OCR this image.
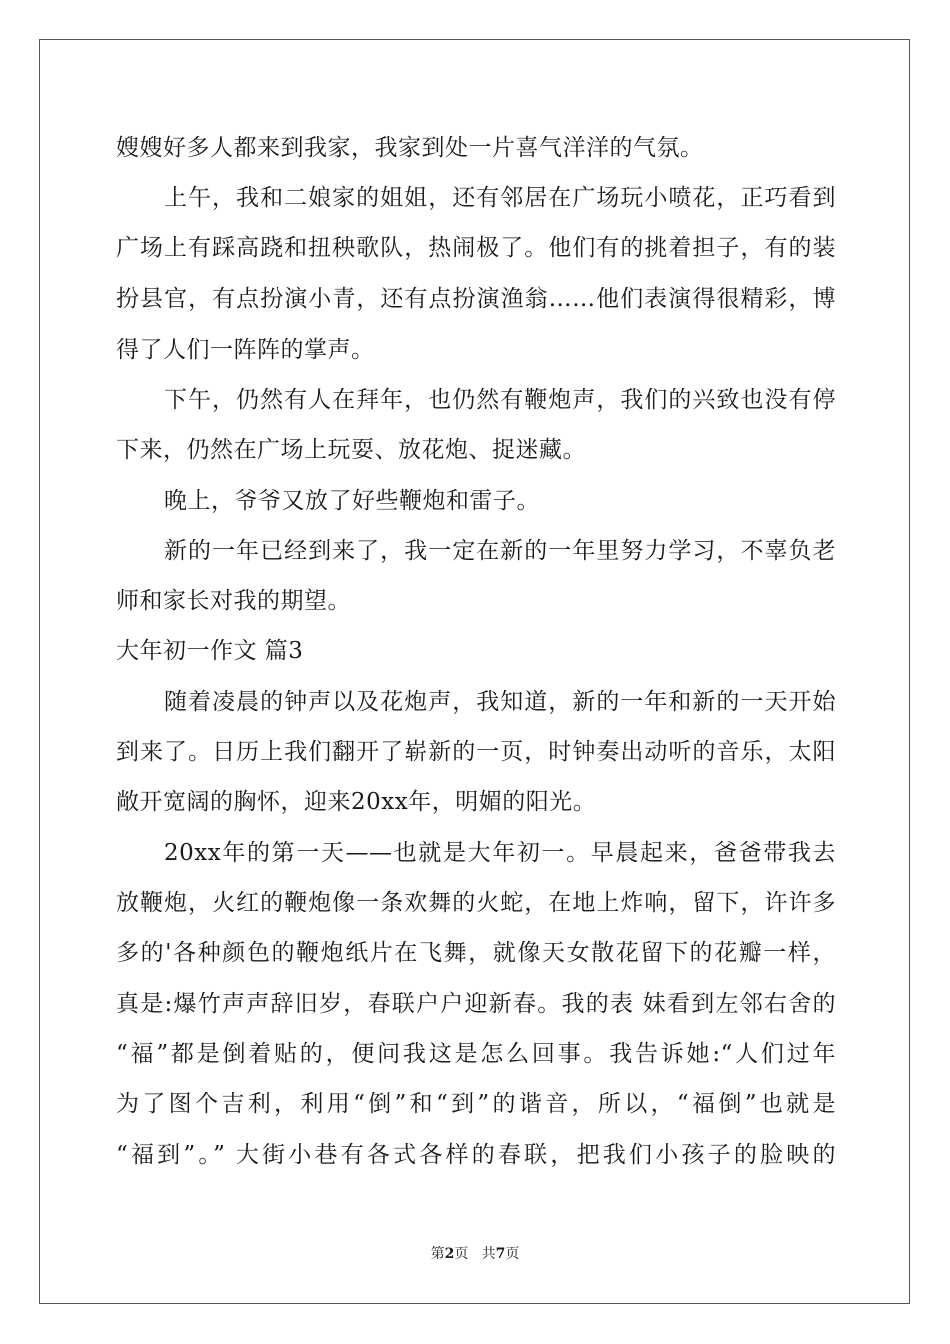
嫂嫂好多人都来到我家，我家到处一片喜气洋洋的气氛。
上午，我和二娘家的姐姐，还有邻居在广场玩小喷花，正巧看到
广场上有踩高跷和扭秧歌队，热闹极了。他们有的挑着担子，有的装
扮县官，有点扮演小青，还有点扮演渔翁……他们表演得很精彩，博
得了人们一阵阵的掌声。
下午，仍然有人在拜年，也仍然有鞭炮声，我们的兴致也没有停
下来，仍然在广场上玩耍、放花炮、捉迷藏。
晚上，爷爷又放了好些鞭炮和雷子。
新的一年已经到来了，我一定在新的一年里努力学习，不辜负老
师和家长对我的期望。
大年初一作文 篇3
随着凌晨的钟声以及花炮声，我知道，新的一年和新的一天开始
到来了。日历上我们翻开了崭新的一页，时钟奏出动听的音乐，太阳
敞开宽阔的胸怀，迎来20xx年，明媚的阳光。
20xx年的第一天——也就是大年初一。早晨起来，爸爸带我去
放鞭炮，火红的鞭炮像一条欢舞的火蛇，在地上炸响，留下，许许多
多的'各种颜色的鞭炮纸片在飞舞，就像天女散花留下的花瓣一样，
真是:爆竹声声辞旧岁，春联户户迎新春。我的表 妹看到左邻右舍的
“福”都是倒着贴的，便问我这是怎么回事。我告诉她:“人们过年
为了图个吉利，利用“倒”和“到”的谐音，所以，“福倒”也就是
“福到”。” 大街小巷有各式各样的春联，把我们小孩子的脸映的
第2页 共7页
